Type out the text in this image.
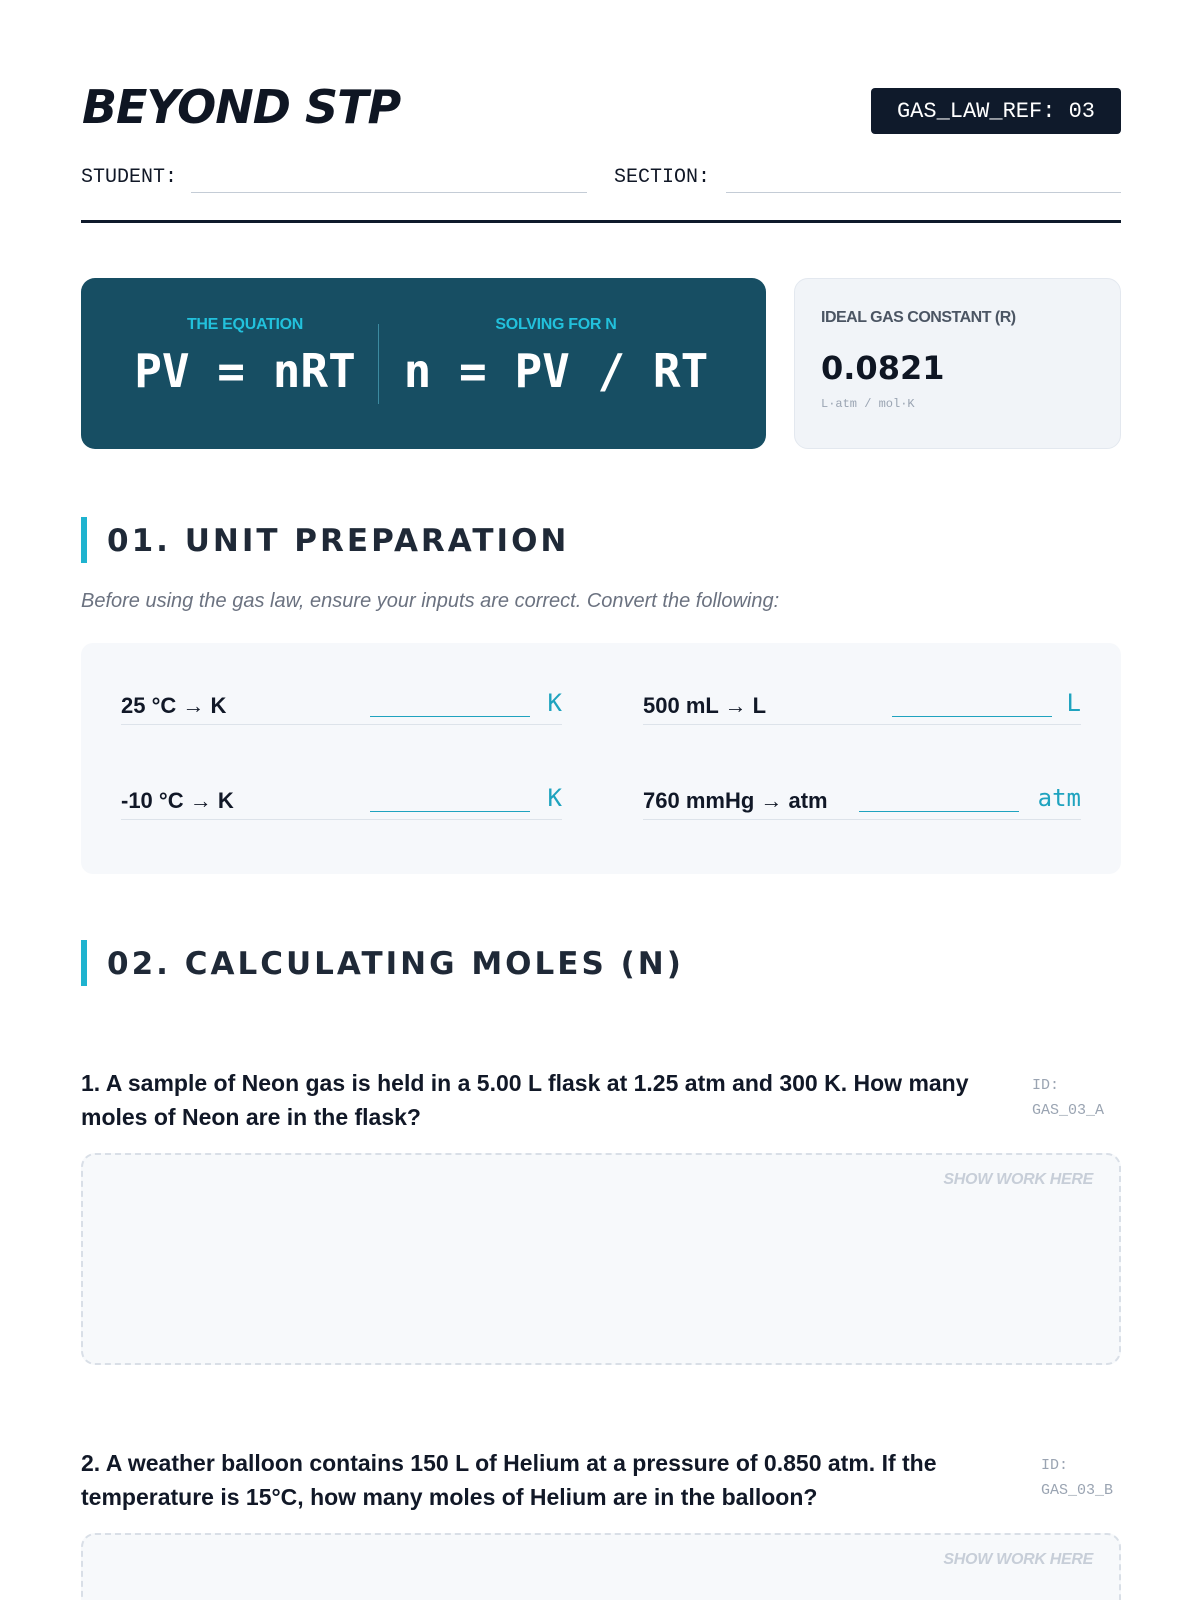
BEYOND STP	GAS_LAW_REF: 03
STUDENT:	SECTION:
THE EQUATION
PV = nRT
SOLVING FOR N
n = PV / RT
IDEAL GAS CONSTANT (R)
0.0821
L·atm / mol·K
01. UNIT PREPARATION
Before using the gas law, ensure your inputs are correct. Convert the following:
25 °C → K	K	500 mL → L	L
-10 °C → K	K	760 mmHg → atm	atm
02. CALCULATING MOLES (N)
1. A sample of Neon gas is held in a 5.00 L flask at 1.25 atm and 300 K. How many moles of Neon are in the flask?
ID:
GAS_03_A
SHOW WORK HERE
2. A weather balloon contains 150 L of Helium at a pressure of 0.850 atm. If the temperature is 15°C, how many moles of Helium are in the balloon?
ID:
GAS_03_B
SHOW WORK HERE
